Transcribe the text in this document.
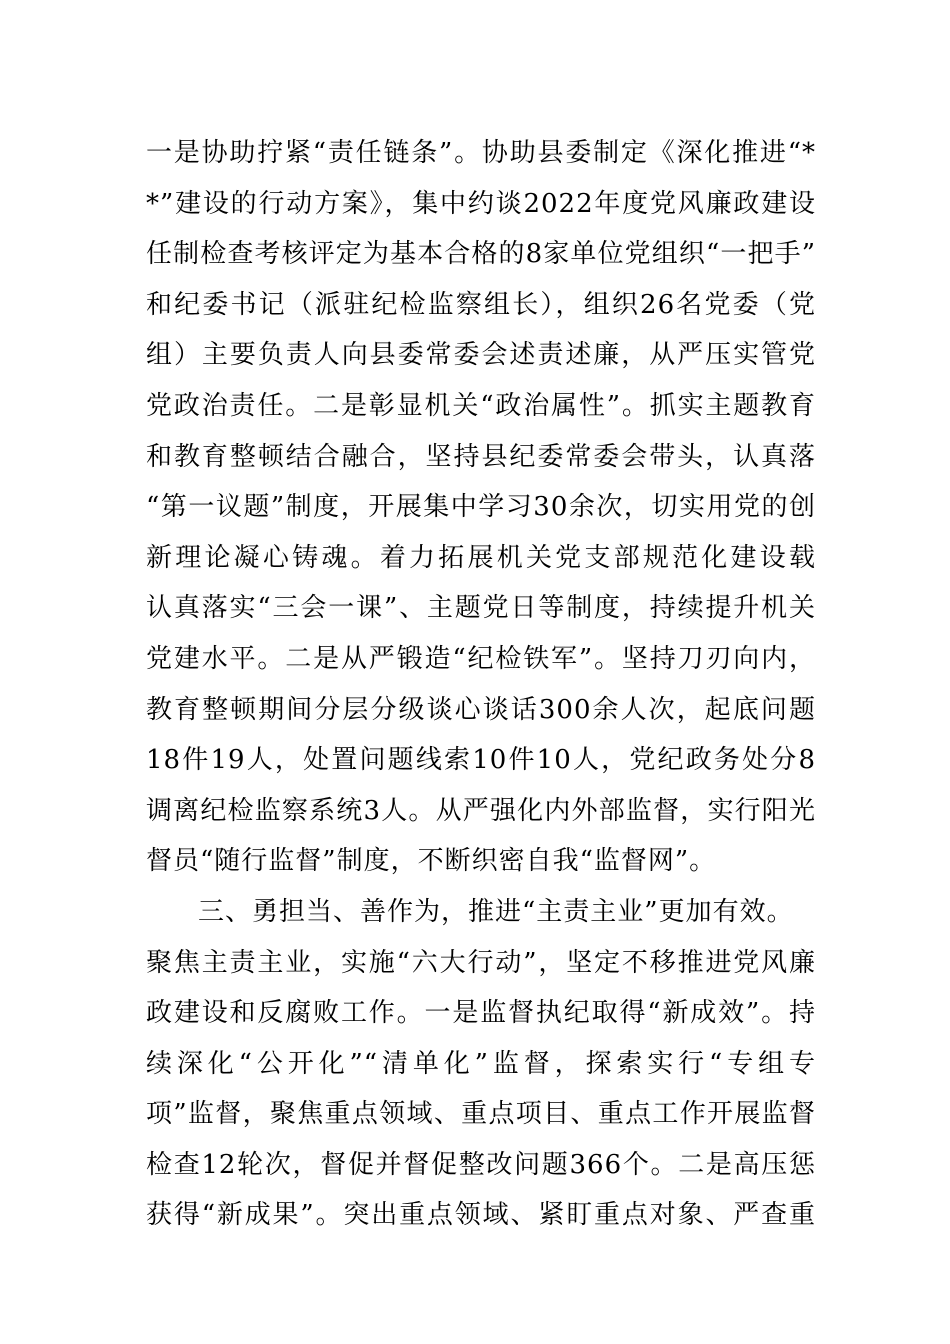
一是协助拧紧“责任链条”。协助县委制定《深化推进“*
*”建设的行动方案》，集中约谈2022年度党风廉政建设
任制检查考核评定为基本合格的8家单位党组织“一把手”
和纪委书记（派驻纪检监察组长），组织26名党委（党
组）主要负责人向县委常委会述责述廉，从严压实管党
党政治责任。二是彰显机关“政治属性”。抓实主题教育
和教育整顿结合融合，坚持县纪委常委会带头，认真落
“第一议题”制度，开展集中学习30余次，切实用党的创
新理论凝心铸魂。着力拓展机关党支部规范化建设载
认真落实“三会一课”、主题党日等制度，持续提升机关
党建水平。二是从严锻造“纪检铁军”。坚持刀刃向内，
教育整顿期间分层分级谈心谈话300余人次，起底问题
18件19人，处置问题线索10件10人，党纪政务处分8
调离纪检监察系统3人。从严强化内外部监督，实行阳光
督员“随行监督”制度，不断织密自我“监督网”。
三、勇担当、善作为，推进“主责主业”更加有效。
聚焦主责主业，实施“六大行动”，坚定不移推进党风廉
政建设和反腐败工作。一是监督执纪取得“新成效”。持
续深化“公开化”“清单化”监督，探索实行“专组专
项”监督，聚焦重点领域、重点项目、重点工作开展监督
检查12轮次，督促并督促整改问题366个。二是高压惩
获得“新成果”。突出重点领域、紧盯重点对象、严查重
